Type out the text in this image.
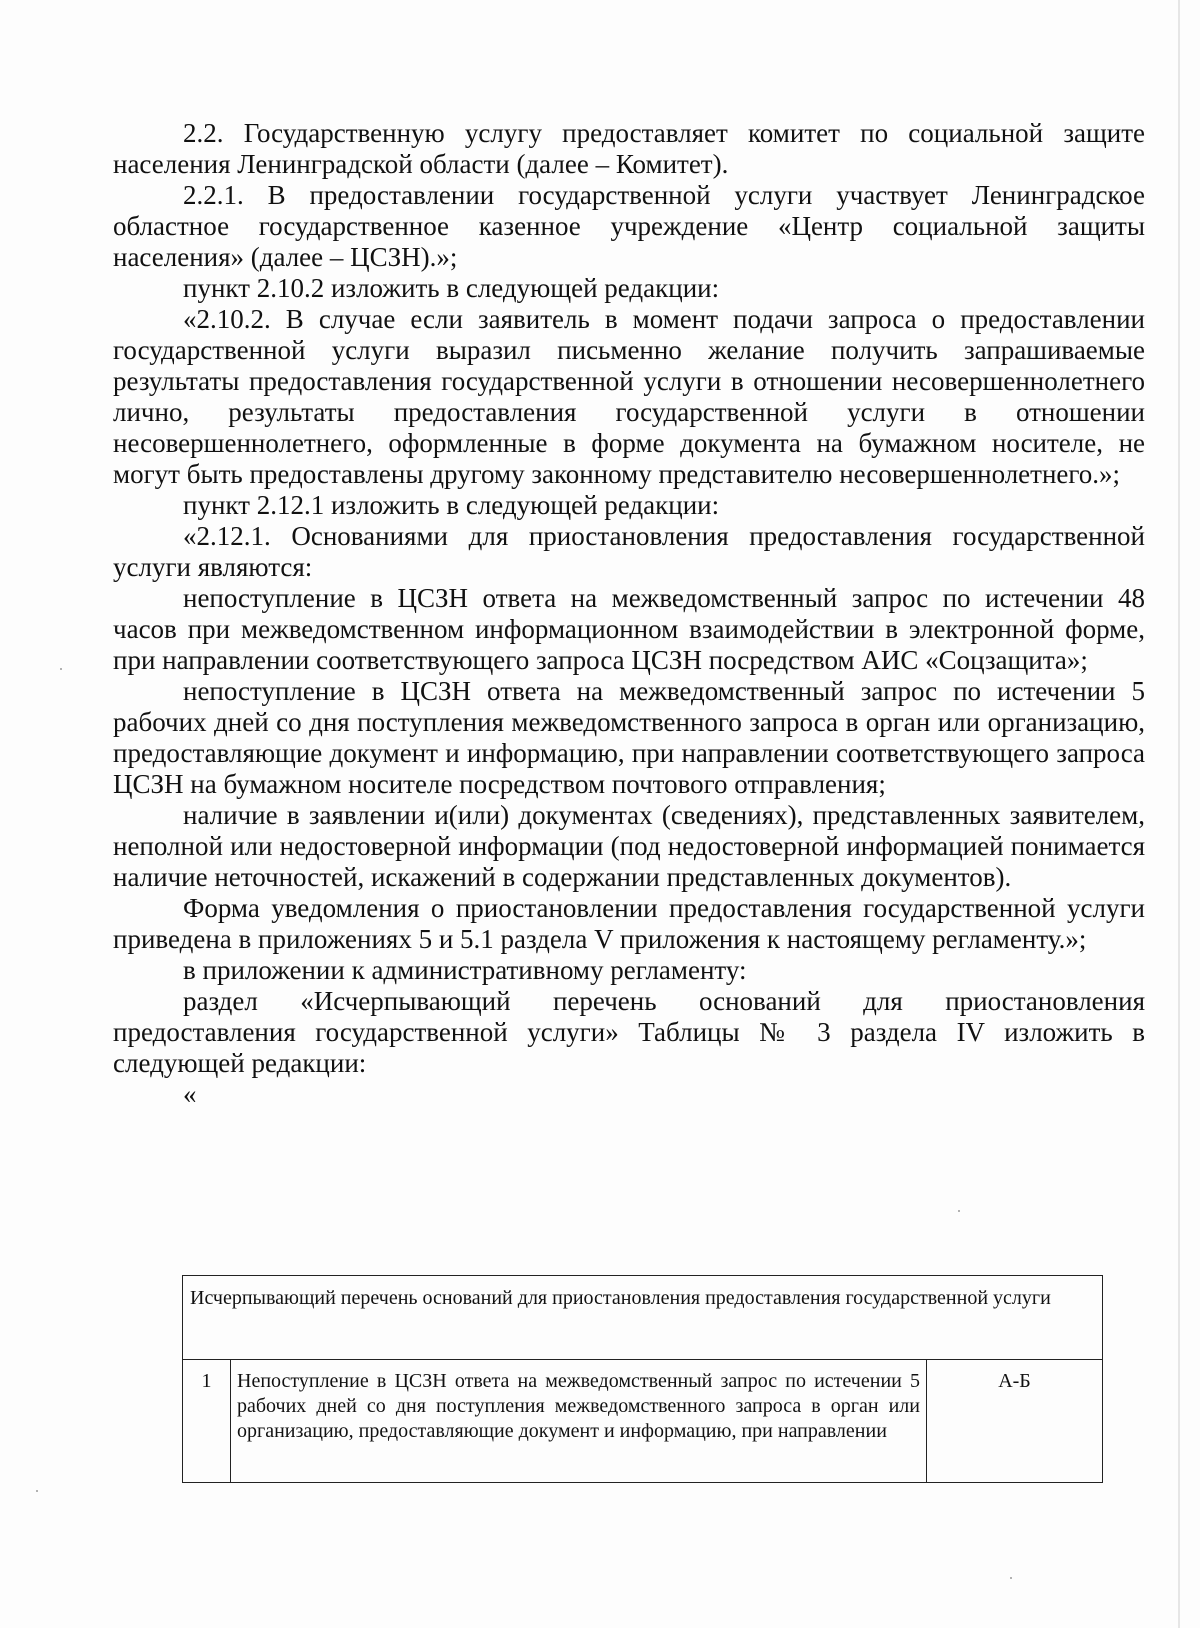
2.2. Государственную услугу предоставляет комитет по социальной защите населения Ленинградской области (далее – Комитет).

2.2.1. В предоставлении государственной услуги участвует Ленинградское областное государственное казенное учреждение «Центр социальной защиты населения» (далее – ЦСЗН).»;

пункт 2.10.2 изложить в следующей редакции:

«2.10.2. В случае если заявитель в момент подачи запроса о предоставлении государственной услуги выразил письменно желание получить запрашиваемые результаты предоставления государственной услуги в отношении несовершеннолетнего лично, результаты предоставления государственной услуги в отношении несовершеннолетнего, оформленные в форме документа на бумажном носителе, не могут быть предоставлены другому законному представителю несовершеннолетнего.»;

пункт 2.12.1 изложить в следующей редакции:

«2.12.1. Основаниями для приостановления предоставления государственной услуги являются:

непоступление в ЦСЗН ответа на межведомственный запрос по истечении 48 часов при межведомственном информационном взаимодействии в электронной форме, при направлении соответствующего запроса ЦСЗН посредством АИС «Соцзащита»;

непоступление в ЦСЗН ответа на межведомственный запрос по истечении 5 рабочих дней со дня поступления межведомственного запроса в орган или организацию, предоставляющие документ и информацию, при направлении соответствующего запроса ЦСЗН на бумажном носителе посредством почтового отправления;

наличие в заявлении и(или) документах (сведениях), представленных заявителем, неполной или недостоверной информации (под недостоверной информацией понимается наличие неточностей, искажений в содержании представленных документов).

Форма уведомления о приостановлении предоставления государственной услуги приведена в приложениях 5 и 5.1 раздела V приложения к настоящему регламенту.»;

в приложении к административному регламенту:

раздел «Исчерпывающий перечень оснований для приостановления предоставления государственной услуги» Таблицы № 3 раздела IV изложить в следующей редакции:

«

Исчерпывающий перечень оснований для приостановления предоставления государственной услуги
1	Непоступление в ЦСЗН ответа на межведомственный запрос по истечении 5 рабочих дней со дня поступления межведомственного запроса в орган или организацию, предоставляющие документ и информацию, при направлении	А-Б
